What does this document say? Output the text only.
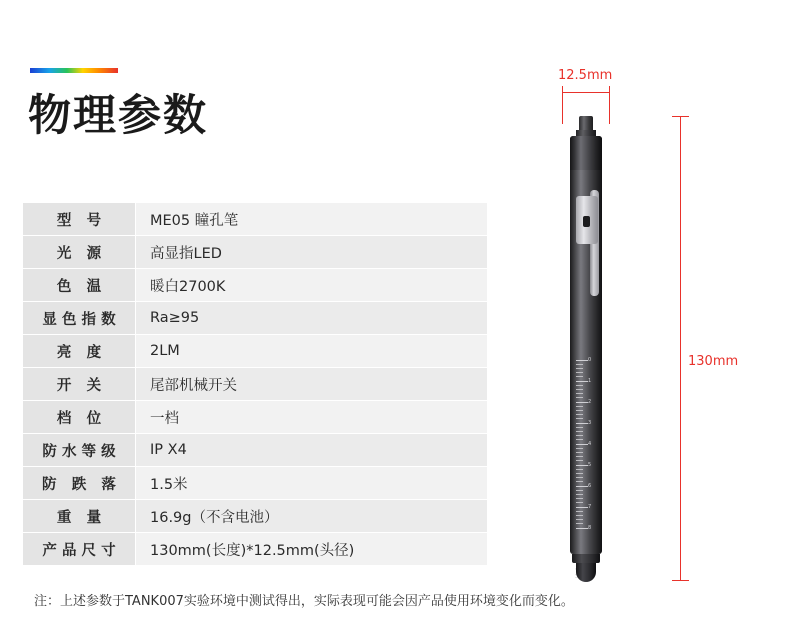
物理参数
型 号	ME05 瞳孔笔
光 源	高显指LED
色 温	暖白2700K
显色指数	Ra≥95
亮 度	2LM
开 关	尾部机械开关
档 位	一档
防水等级	IP X4
防 跌 落	1.5米
重 量	16.9g（不含电池）
产品尺寸	130mm(长度)*12.5mm(头径)
注：上述参数于TANK007实验环境中测试得出，实际表现可能会因产品使用环境变化而变化。
12.5mm
130mm
0
1
2
3
4
5
6
7
8
